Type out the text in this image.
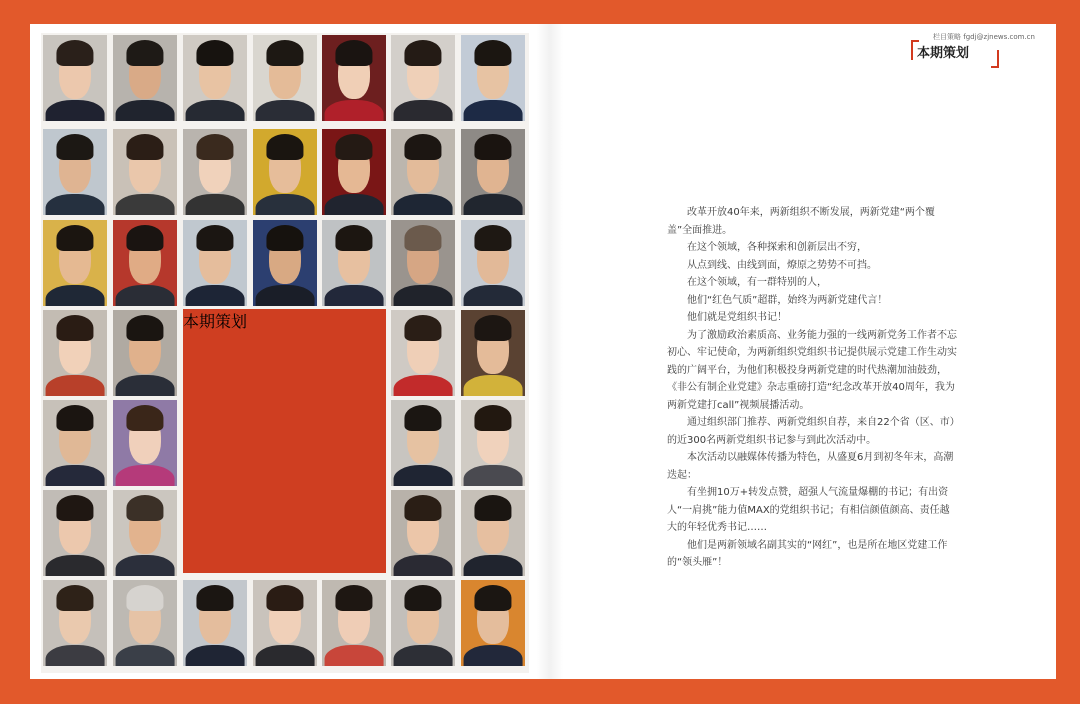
本期策划
栏目策略 fgdj@zjnews.com.cn
本期策划

改革开放40年来，两新组织不断发展，两新党建“两个覆盖”全面推进。

在这个领域，各种探索和创新层出不穷，

从点到线、由线到面，燎原之势势不可挡。

在这个领域，有一群特别的人，

他们“红色气质”超群，始终为两新党建代言！

他们就是党组织书记！

为了激励政治素质高、业务能力强的一线两新党务工作者不忘初心、牢记使命，为两新组织党组织书记提供展示党建工作生动实践的广阔平台，为他们积极投身两新党建的时代热潮加油鼓劲，《非公有制企业党建》杂志重磅打造“纪念改革开放40周年，我为两新党建打call”视频展播活动。

通过组织部门推荐、两新党组织自荐，来自22个省（区、市）的近300名两新党组织书记参与到此次活动中。

本次活动以融媒体传播为特色，从盛夏6月到初冬年末，高潮迭起：

有坐拥10万+转发点赞，超强人气流量爆棚的书记；有出资人“一肩挑”能力值MAX的党组织书记；有相信颜值颜高、责任越大的年轻优秀书记……

他们是两新领域名副其实的“网红”，也是所在地区党建工作的“领头雁”！
